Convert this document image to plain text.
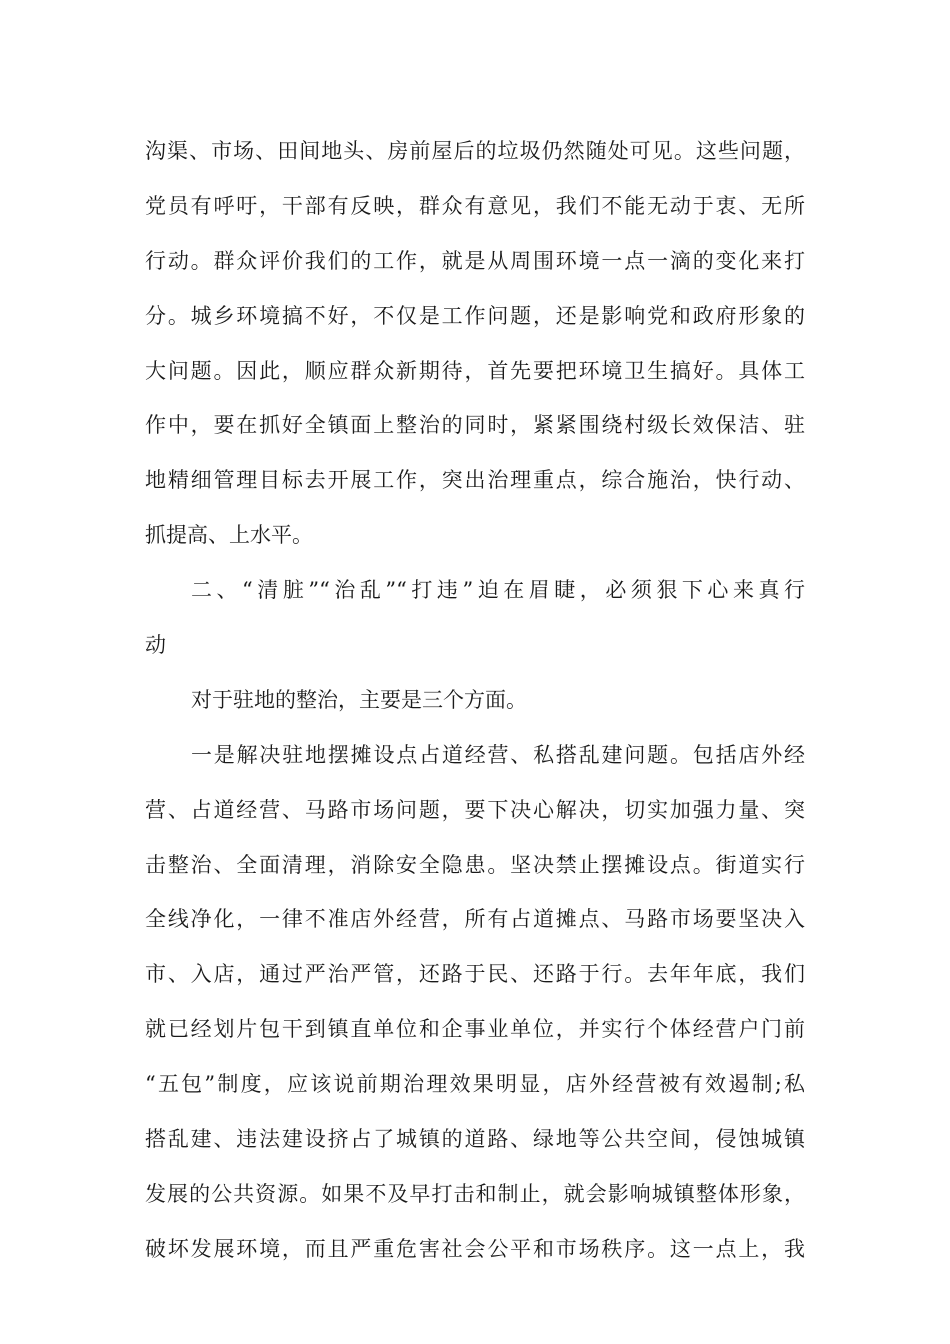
沟渠、市场、田间地头、房前屋后的垃圾仍然随处可见。这些问题，
党员有呼吁，干部有反映，群众有意见，我们不能无动于衷、无所
行动。群众评价我们的工作，就是从周围环境一点一滴的变化来打
分。城乡环境搞不好，不仅是工作问题，还是影响党和政府形象的
大问题。因此，顺应群众新期待，首先要把环境卫生搞好。具体工
作中，要在抓好全镇面上整治的同时，紧紧围绕村级长效保洁、驻
地精细管理目标去开展工作，突出治理重点，综合施治，快行动、
抓提高、上水平。
二、“清脏”“治乱”“打违”迫在眉睫，必须狠下心来真行
动
对于驻地的整治，主要是三个方面。
一是解决驻地摆摊设点占道经营、私搭乱建问题。包括店外经
营、占道经营、马路市场问题，要下决心解决，切实加强力量、突
击整治、全面清理，消除安全隐患。坚决禁止摆摊设点。街道实行
全线净化，一律不准店外经营，所有占道摊点、马路市场要坚决入
市、入店，通过严治严管，还路于民、还路于行。去年年底，我们
就已经划片包干到镇直单位和企事业单位，并实行个体经营户门前
“五包”制度，应该说前期治理效果明显，店外经营被有效遏制;私
搭乱建、违法建设挤占了城镇的道路、绿地等公共空间，侵蚀城镇
发展的公共资源。如果不及早打击和制止，就会影响城镇整体形象，
破坏发展环境，而且严重危害社会公平和市场秩序。这一点上，我
